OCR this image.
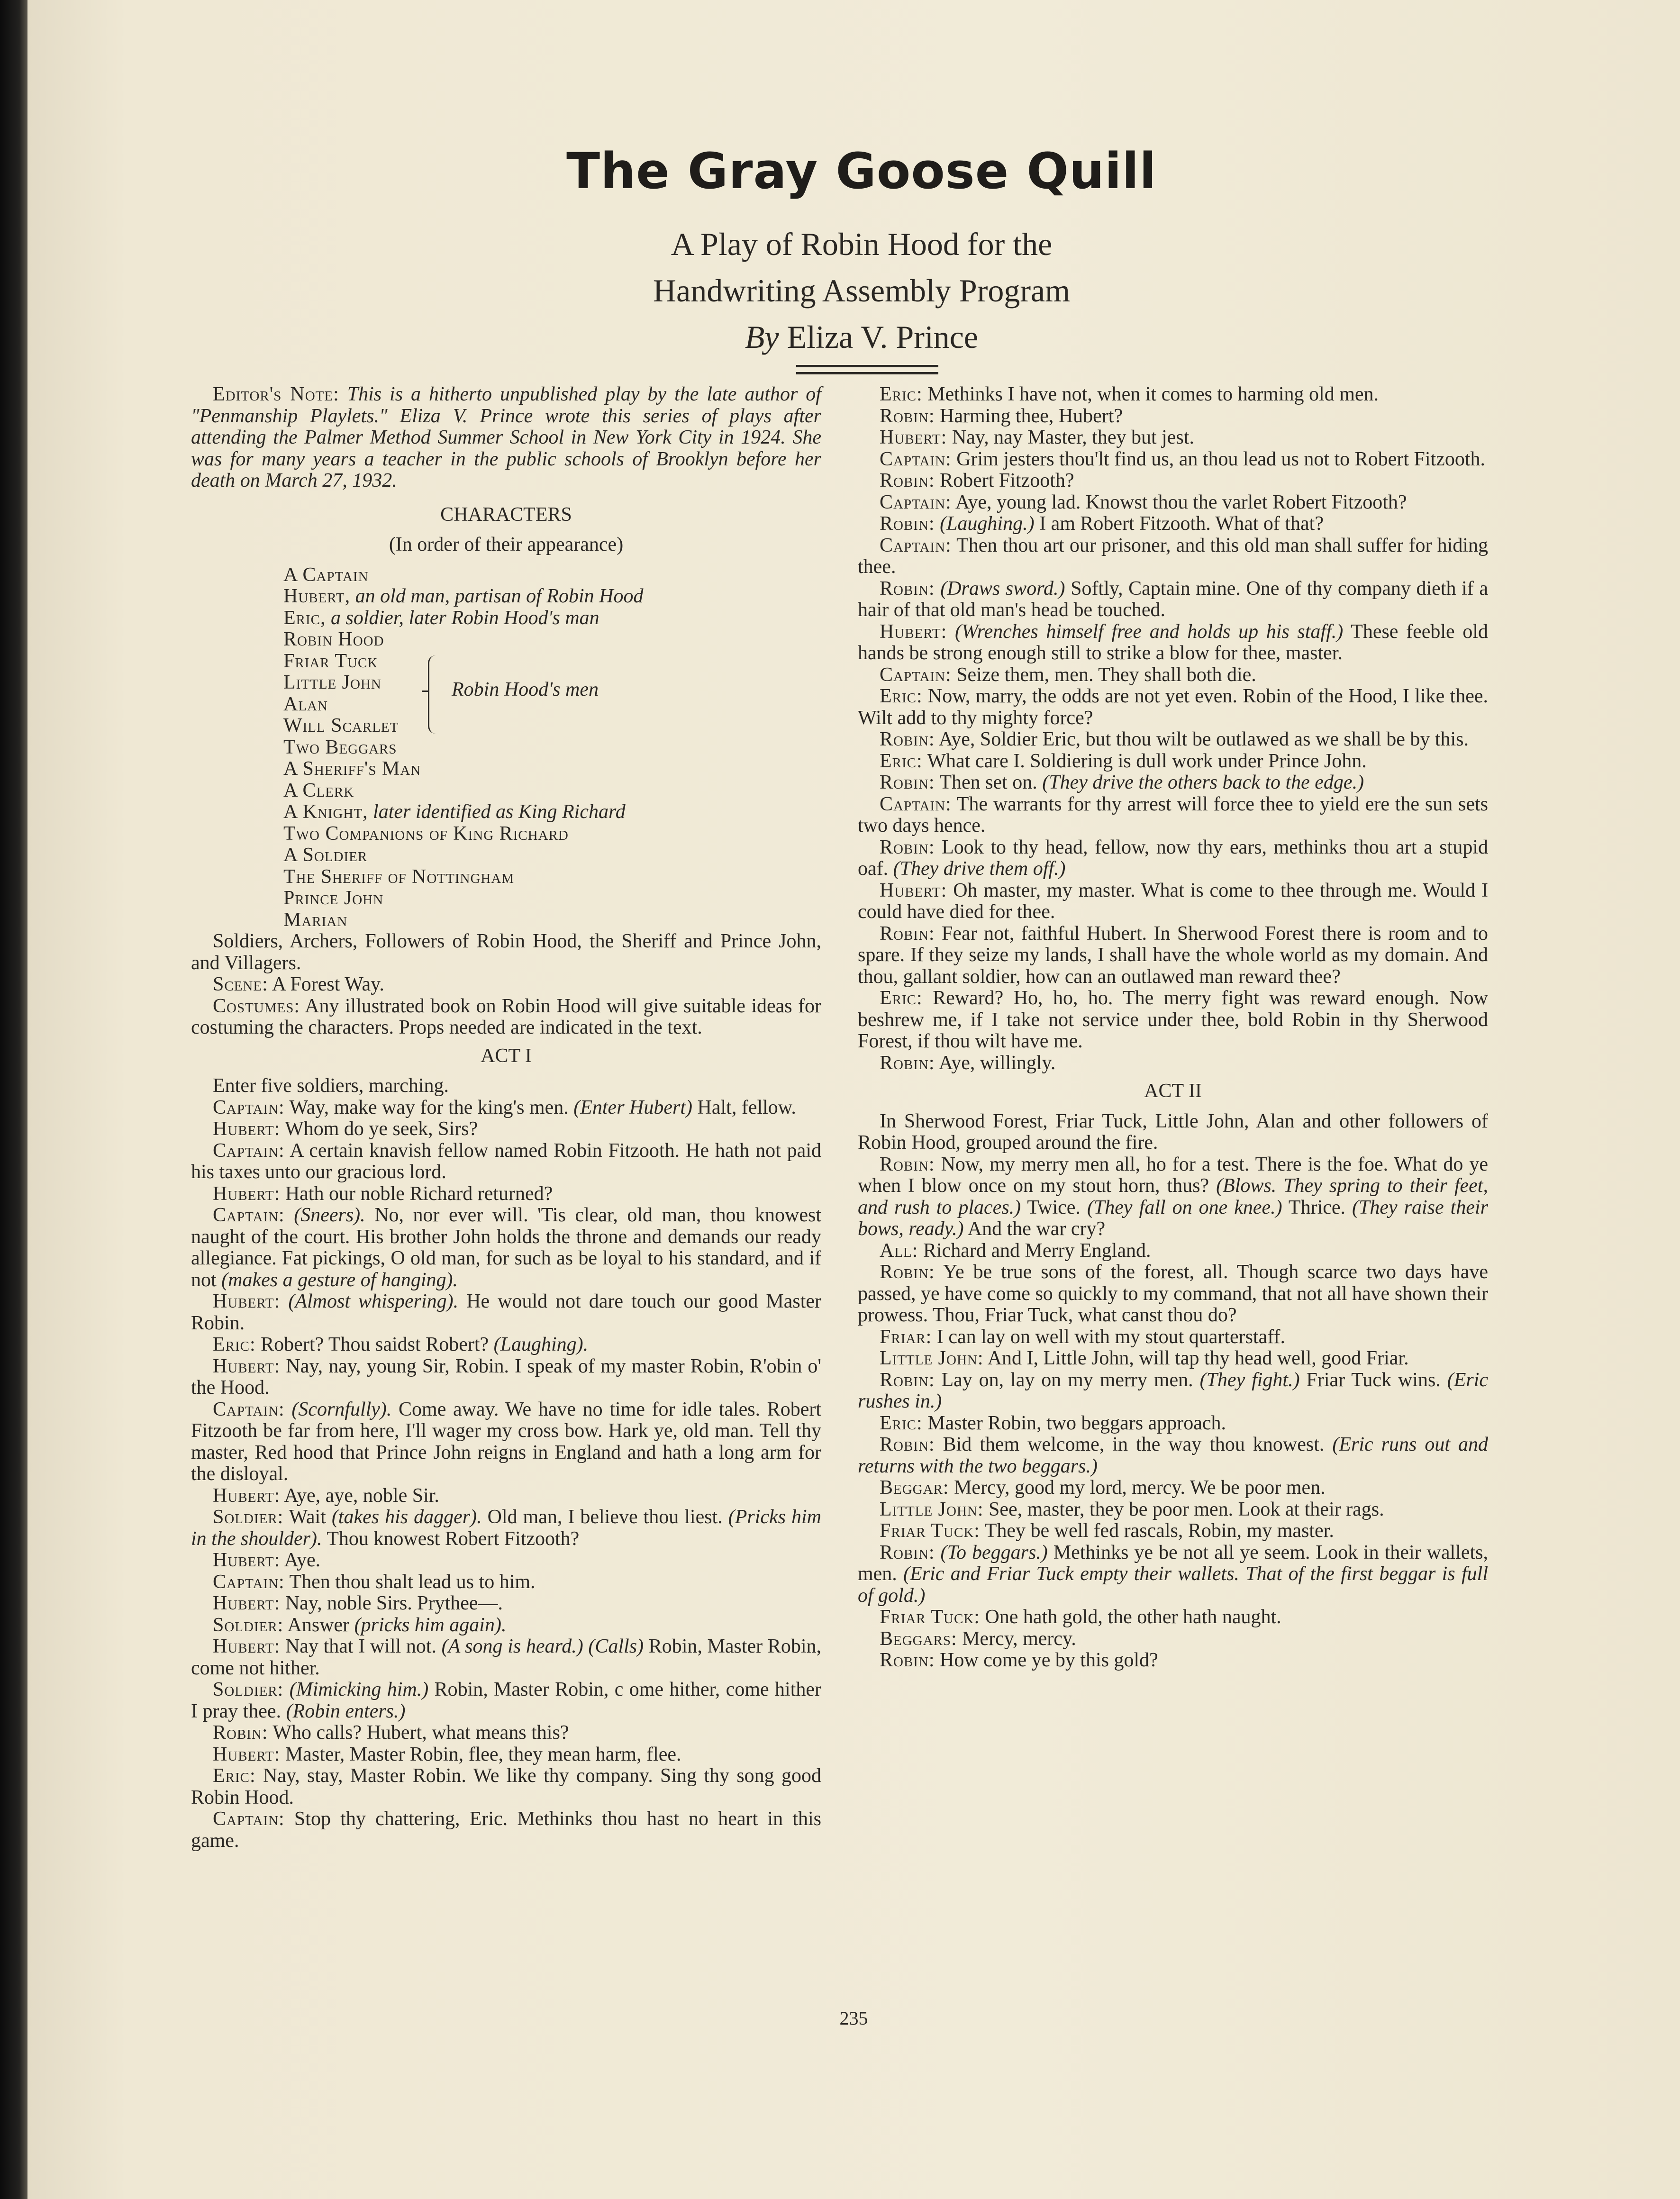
The Gray Goose Quill
A Play of Robin Hood for the
Handwriting Assembly Program
By Eliza V. Prince

Editor's Note: This is a hitherto unpublished play by the late author of "Penmanship Playlets." Eliza V. Prince wrote this series of plays after attending the Palmer Method Summer School in New York City in 1924. She was for many years a teacher in the public schools of Brooklyn before her death on March 27, 1932.

CHARACTERS
(In order of their appearance)
A Captain
Hubert, an old man, partisan of Robin Hood
Eric, a soldier, later Robin Hood's man
Robin Hood
Friar Tuck
Little John
Alan
Will Scarlet
Robin Hood's men
Two Beggars
A Sheriff's Man
A Clerk
A Knight, later identified as King Richard
Two Companions of King Richard
A Soldier
The Sheriff of Nottingham
Prince John
Marian

Soldiers, Archers, Followers of Robin Hood, the Sheriff and Prince John, and Villagers.

Scene: A Forest Way.

Costumes: Any illustrated book on Robin Hood will give suitable ideas for costuming the characters. Props needed are indicated in the text.

ACT I

Enter five soldiers, marching.

Captain: Way, make way for the king's men. (Enter Hubert) Halt, fellow.

Hubert: Whom do ye seek, Sirs?

Captain: A certain knavish fellow named Robin Fitzooth. He hath not paid his taxes unto our gracious lord.

Hubert: Hath our noble Richard returned?

Captain: (Sneers). No, nor ever will. 'Tis clear, old man, thou knowest naught of the court. His brother John holds the throne and demands our ready allegiance. Fat pickings, O old man, for such as be loyal to his standard, and if not (makes a gesture of hanging).

Hubert: (Almost whispering). He would not dare touch our good Master Robin.

Eric: Robert? Thou saidst Robert? (Laughing).

Hubert: Nay, nay, young Sir, Robin. I speak of my master Robin, R'obin o' the Hood.

Captain: (Scornfully). Come away. We have no time for idle tales. Robert Fitzooth be far from here, I'll wager my cross bow. Hark ye, old man. Tell thy master, Red hood that Prince John reigns in England and hath a long arm for the disloyal.

Hubert: Aye, aye, noble Sir.

Soldier: Wait (takes his dagger). Old man, I believe thou liest. (Pricks him in the shoulder). Thou knowest Robert Fitzooth?

Hubert: Aye.

Captain: Then thou shalt lead us to him.

Hubert: Nay, noble Sirs. Prythee—.

Soldier: Answer (pricks him again).

Hubert: Nay that I will not. (A song is heard.) (Calls) Robin, Master Robin, come not hither.

Soldier: (Mimicking him.) Robin, Master Robin, c ome hither, come hither I pray thee. (Robin enters.)

Robin: Who calls? Hubert, what means this?

Hubert: Master, Master Robin, flee, they mean harm, flee.

Eric: Nay, stay, Master Robin. We like thy company. Sing thy song good Robin Hood.

Captain: Stop thy chattering, Eric. Methinks thou hast no heart in this game.

Eric: Methinks I have not, when it comes to harming old men.

Robin: Harming thee, Hubert?

Hubert: Nay, nay Master, they but jest.

Captain: Grim jesters thou'lt find us, an thou lead us not to Robert Fitzooth.

Robin: Robert Fitzooth?

Captain: Aye, young lad. Knowst thou the varlet Robert Fitzooth?

Robin: (Laughing.) I am Robert Fitzooth. What of that?

Captain: Then thou art our prisoner, and this old man shall suffer for hiding thee.

Robin: (Draws sword.) Softly, Captain mine. One of thy company dieth if a hair of that old man's head be touched.

Hubert: (Wrenches himself free and holds up his staff.) These feeble old hands be strong enough still to strike a blow for thee, master.

Captain: Seize them, men. They shall both die.

Eric: Now, marry, the odds are not yet even. Robin of the Hood, I like thee. Wilt add to thy mighty force?

Robin: Aye, Soldier Eric, but thou wilt be outlawed as we shall be by this.

Eric: What care I. Soldiering is dull work under Prince John.

Robin: Then set on. (They drive the others back to the edge.)

Captain: The warrants for thy arrest will force thee to yield ere the sun sets two days hence.

Robin: Look to thy head, fellow, now thy ears, methinks thou art a stupid oaf. (They drive them off.)

Hubert: Oh master, my master. What is come to thee through me. Would I could have died for thee.

Robin: Fear not, faithful Hubert. In Sherwood Forest there is room and to spare. If they seize my lands, I shall have the whole world as my domain. And thou, gallant soldier, how can an outlawed man reward thee?

Eric: Reward? Ho, ho, ho. The merry fight was reward enough. Now beshrew me, if I take not service under thee, bold Robin in thy Sherwood Forest, if thou wilt have me.

Robin: Aye, willingly.

ACT II

In Sherwood Forest, Friar Tuck, Little John, Alan and other followers of Robin Hood, grouped around the fire.

Robin: Now, my merry men all, ho for a test. There is the foe. What do ye when I blow once on my stout horn, thus? (Blows. They spring to their feet, and rush to places.) Twice. (They fall on one knee.) Thrice. (They raise their bows, ready.) And the war cry?

All: Richard and Merry England.

Robin: Ye be true sons of the forest, all. Though scarce two days have passed, ye have come so quickly to my command, that not all have shown their prowess. Thou, Friar Tuck, what canst thou do?

Friar: I can lay on well with my stout quarterstaff.

Little John: And I, Little John, will tap thy head well, good Friar.

Robin: Lay on, lay on my merry men. (They fight.) Friar Tuck wins. (Eric rushes in.)

Eric: Master Robin, two beggars approach.

Robin: Bid them welcome, in the way thou knowest. (Eric runs out and returns with the two beggars.)

Beggar: Mercy, good my lord, mercy. We be poor men.

Little John: See, master, they be poor men. Look at their rags.

Friar Tuck: They be well fed rascals, Robin, my master.

Robin: (To beggars.) Methinks ye be not all ye seem. Look in their wallets, men. (Eric and Friar Tuck empty their wallets. That of the first beggar is full of gold.)

Friar Tuck: One hath gold, the other hath naught.

Beggars: Mercy, mercy.

Robin: How come ye by this gold?

235
